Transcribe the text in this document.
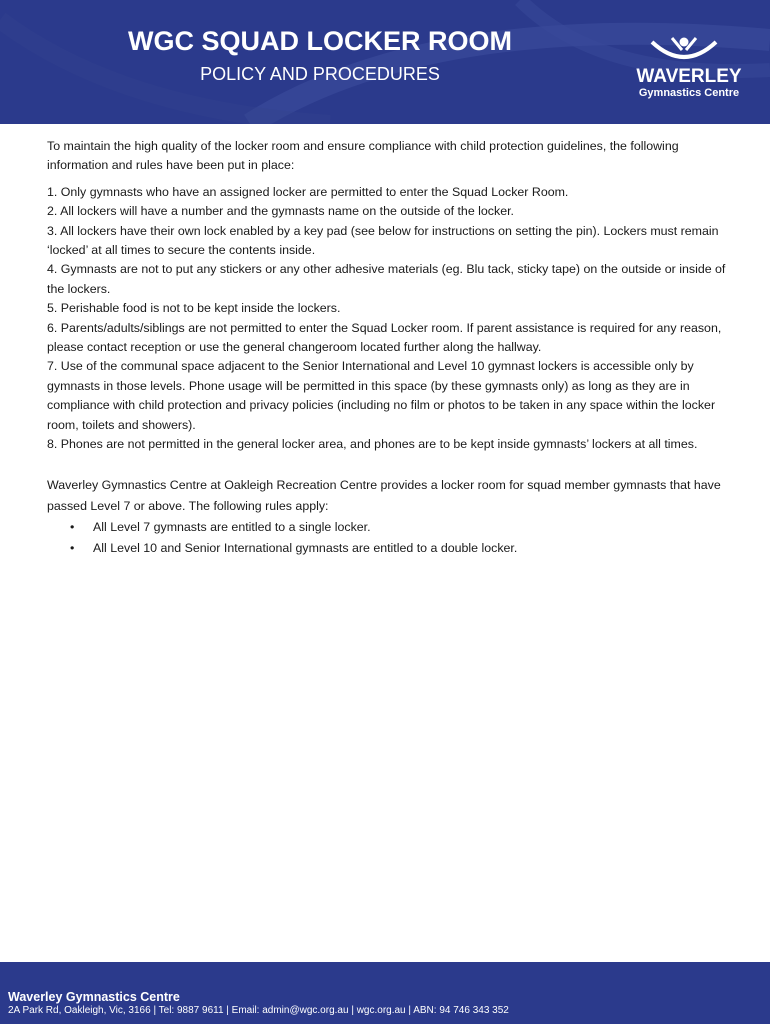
WGC SQUAD LOCKER ROOM
POLICY AND PROCEDURES	WAVERLEY
Gymnastics Centre

To maintain the high quality of the locker room and ensure compliance with child protection guidelines, the following information and rules have been put in place:

1. Only gymnasts who have an assigned locker are permitted to enter the Squad Locker Room.

2. All lockers will have a number and the gymnasts name on the outside of the locker.

3. All lockers have their own lock enabled by a key pad (see below for instructions on setting the pin). Lockers must remain ‘locked’ at all times to secure the contents inside.

4. Gymnasts are not to put any stickers or any other adhesive materials (eg. Blu tack, sticky tape) on the outside or inside of the lockers.

5. Perishable food is not to be kept inside the lockers.

6. Parents/adults/siblings are not permitted to enter the Squad Locker room. If parent assistance is required for any reason, please contact reception or use the general changeroom located further along the hallway.

7. Use of the communal space adjacent to the Senior International and Level 10 gymnast lockers is accessible only by gymnasts in those levels. Phone usage will be permitted in this space (by these gymnasts only) as long as they are in compliance with child protection and privacy policies (including no film or photos to be taken in any space within the locker room, toilets and showers).

8. Phones are not permitted in the general locker area, and phones are to be kept inside gymnasts’ lockers at all times.

Waverley Gymnastics Centre at Oakleigh Recreation Centre provides a locker room for squad member gymnasts that have passed Level 7 or above. The following rules apply:

•	All Level 7 gymnasts are entitled to a single locker.
•	All Level 10 and Senior International gymnasts are entitled to a double locker.
Waverley Gymnastics Centre
2A Park Rd, Oakleigh, Vic, 3166 | Tel: 9887 9611 | Email: admin@wgc.org.au | wgc.org.au | ABN: 94 746 343 352
